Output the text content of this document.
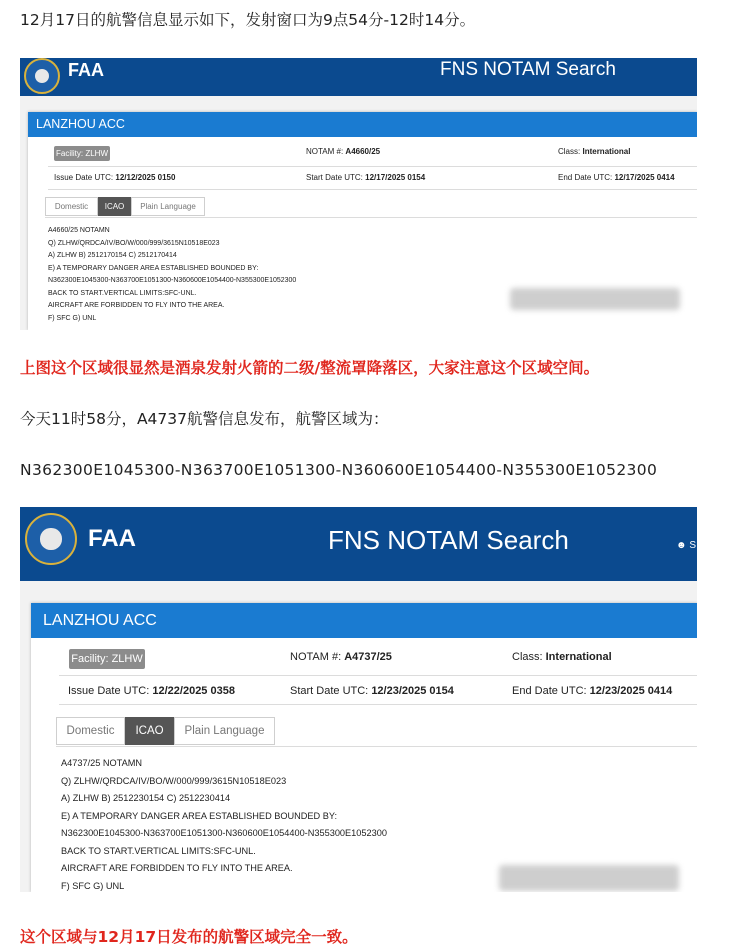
12月17日的航警信息显示如下，发射窗口为9点54分-12时14分。

FAA	FNS NOTAM Search
LANZHOU ACC
Facility: ZLHW	NOTAM #: A4660/25	Class: International
Issue Date UTC: 12/12/2025 0150	Start Date UTC: 12/17/2025 0154	End Date UTC: 12/17/2025 0414
Domestic	ICAO	Plain Language
A4660/25 NOTAMN
Q) ZLHW/QRDCA/IV/BO/W/000/999/3615N10518E023
A) ZLHW B) 2512170154 C) 2512170414
E) A TEMPORARY DANGER AREA ESTABLISHED BOUNDED BY:
N362300E1045300-N363700E1051300-N360600E1054400-N355300E1052300
BACK TO START.VERTICAL LIMITS:SFC-UNL.
AIRCRAFT ARE FORBIDDEN TO FLY INTO THE AREA.
F) SFC G) UNL

上图这个区域很显然是酒泉发射火箭的二级/整流罩降落区，大家注意这个区域空间。

今天11时58分，A4737航警信息发布，航警区域为：

N362300E1045300-N363700E1051300-N360600E1054400-N355300E1052300

FAA	FNS NOTAM Search	☻ S
LANZHOU ACC
Facility: ZLHW	NOTAM #: A4737/25	Class: International
Issue Date UTC: 12/22/2025 0358	Start Date UTC: 12/23/2025 0154	End Date UTC: 12/23/2025 0414
Domestic	ICAO	Plain Language
A4737/25 NOTAMN
Q) ZLHW/QRDCA/IV/BO/W/000/999/3615N10518E023
A) ZLHW B) 2512230154 C) 2512230414
E) A TEMPORARY DANGER AREA ESTABLISHED BOUNDED BY:
N362300E1045300-N363700E1051300-N360600E1054400-N355300E1052300
BACK TO START.VERTICAL LIMITS:SFC-UNL.
AIRCRAFT ARE FORBIDDEN TO FLY INTO THE AREA.
F) SFC G) UNL

这个区域与12月17日发布的航警区域完全一致。
